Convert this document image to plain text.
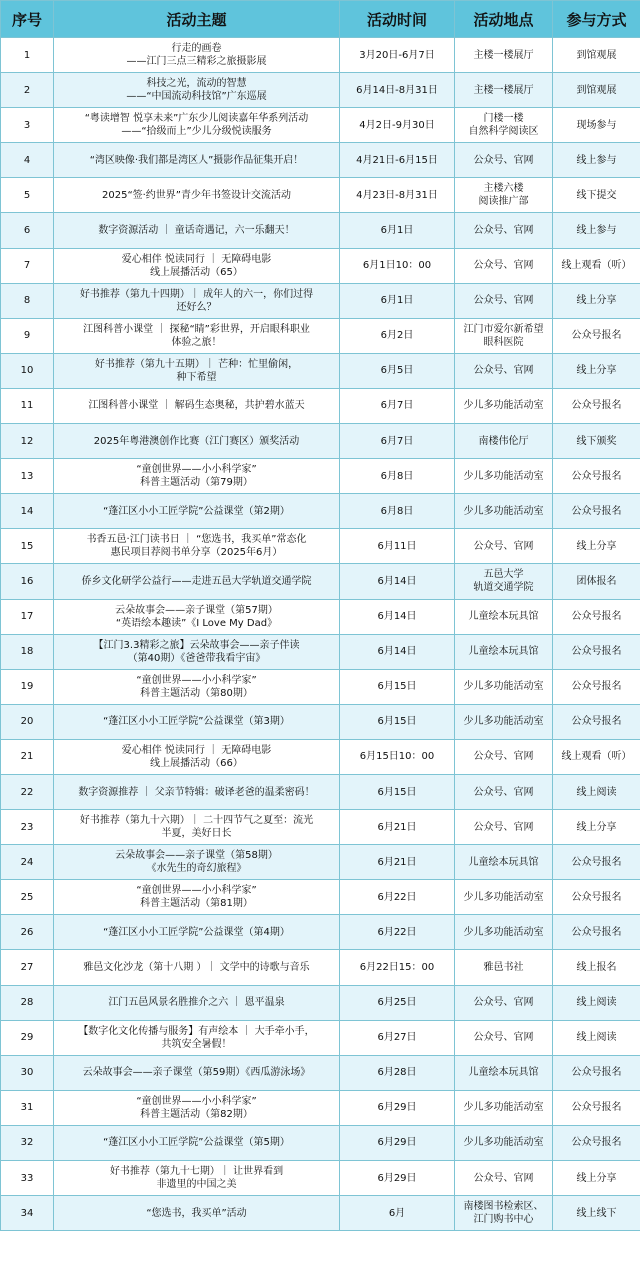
序号	活动主题	活动时间	活动地点	参与方式
1	行走的画卷
——江门三点三精彩之旅摄影展	3月20日-6月7日	主楼一楼展厅	到馆观展
2	科技之光，流动的智慧
——“中国流动科技馆”广东巡展	6月14日-8月31日	主楼一楼展厅	到馆观展
3	“粤读增智 悦享未来”广东少儿阅读嘉年华系列活动
——“拾级而上”少儿分级悦读服务	4月2日-9月30日	门楼一楼
自然科学阅读区	现场参与
4	“湾区映像·我们都是湾区人”摄影作品征集开启！	4月21日-6月15日	公众号、官网	线上参与
5	2025“签·约世界”青少年书签设计交流活动	4月23日-8月31日	主楼六楼
阅读推广部	线下提交
6	数字资源活动 ｜ 童话奇遇记，六一乐翻天！	6月1日	公众号、官网	线上参与
7	爱心相伴 悦读同行 ｜ 无障碍电影
线上展播活动（65）	6月1日10：00	公众号、官网	线上观看（听）
8	好书推荐（第九十四期）｜ 成年人的六一，你们过得
还好么？	6月1日	公众号、官网	线上分享
9	江图科普小课堂 ｜ 探秘“睛”彩世界，开启眼科职业
体验之旅！	6月2日	江门市爱尔新希望
眼科医院	公众号报名
10	好书推荐（第九十五期）｜ 芒种：忙里偷闲，
种下希望	6月5日	公众号、官网	线上分享
11	江图科普小课堂 ｜ 解码生态奥秘，共护碧水蓝天	6月7日	少儿多功能活动室	公众号报名
12	2025年粤港澳创作比赛（江门赛区）颁奖活动	6月7日	南楼伟伦厅	线下颁奖
13	“童创世界——小小科学家”
科普主题活动（第79期）	6月8日	少儿多功能活动室	公众号报名
14	“蓬江区小小工匠学院”公益课堂（第2期）	6月8日	少儿多功能活动室	公众号报名
15	书香五邑·江门读书日 ｜ “您选书，我买单”常态化
惠民项目荐阅书单分享（2025年6月）	6月11日	公众号、官网	线上分享
16	侨乡文化研学公益行——走进五邑大学轨道交通学院	6月14日	五邑大学
轨道交通学院	团体报名
17	云朵故事会——亲子课堂（第57期）
“英语绘本趣读”《I Love My Dad》	6月14日	儿童绘本玩具馆	公众号报名
18	【江门3.3精彩之旅】云朵故事会——亲子伴读
（第40期）《爸爸带我看宇宙》	6月14日	儿童绘本玩具馆	公众号报名
19	“童创世界——小小科学家”
科普主题活动（第80期）	6月15日	少儿多功能活动室	公众号报名
20	“蓬江区小小工匠学院”公益课堂（第3期）	6月15日	少儿多功能活动室	公众号报名
21	爱心相伴 悦读同行 ｜ 无障碍电影
线上展播活动（66）	6月15日10：00	公众号、官网	线上观看（听）
22	数字资源推荐 ｜ 父亲节特辑：破译老爸的温柔密码！	6月15日	公众号、官网	线上阅读
23	好书推荐（第九十六期）｜ 二十四节气之夏至：流光
半夏，美好日长	6月21日	公众号、官网	线上分享
24	云朵故事会——亲子课堂（第58期）
《水先生的奇幻旅程》	6月21日	儿童绘本玩具馆	公众号报名
25	“童创世界——小小科学家”
科普主题活动（第81期）	6月22日	少儿多功能活动室	公众号报名
26	“蓬江区小小工匠学院”公益课堂（第4期）	6月22日	少儿多功能活动室	公众号报名
27	雅邑文化沙龙（第十八期 ）｜ 文学中的诗歌与音乐	6月22日15：00	雅邑书社	线上报名
28	江门五邑风景名胜推介之六 ｜ 恩平温泉	6月25日	公众号、官网	线上阅读
29	【数字化文化传播与服务】有声绘本 ｜ 大手牵小手，
共筑安全暑假！	6月27日	公众号、官网	线上阅读
30	云朵故事会——亲子课堂（第59期）《西瓜游泳场》	6月28日	儿童绘本玩具馆	公众号报名
31	“童创世界——小小科学家”
科普主题活动（第82期）	6月29日	少儿多功能活动室	公众号报名
32	“蓬江区小小工匠学院”公益课堂（第5期）	6月29日	少儿多功能活动室	公众号报名
33	好书推荐（第九十七期）｜ 让世界看到
非遗里的中国之美	6月29日	公众号、官网	线上分享
34	“您选书，我买单”活动	6月	南楼图书检索区、
江门购书中心	线上线下
